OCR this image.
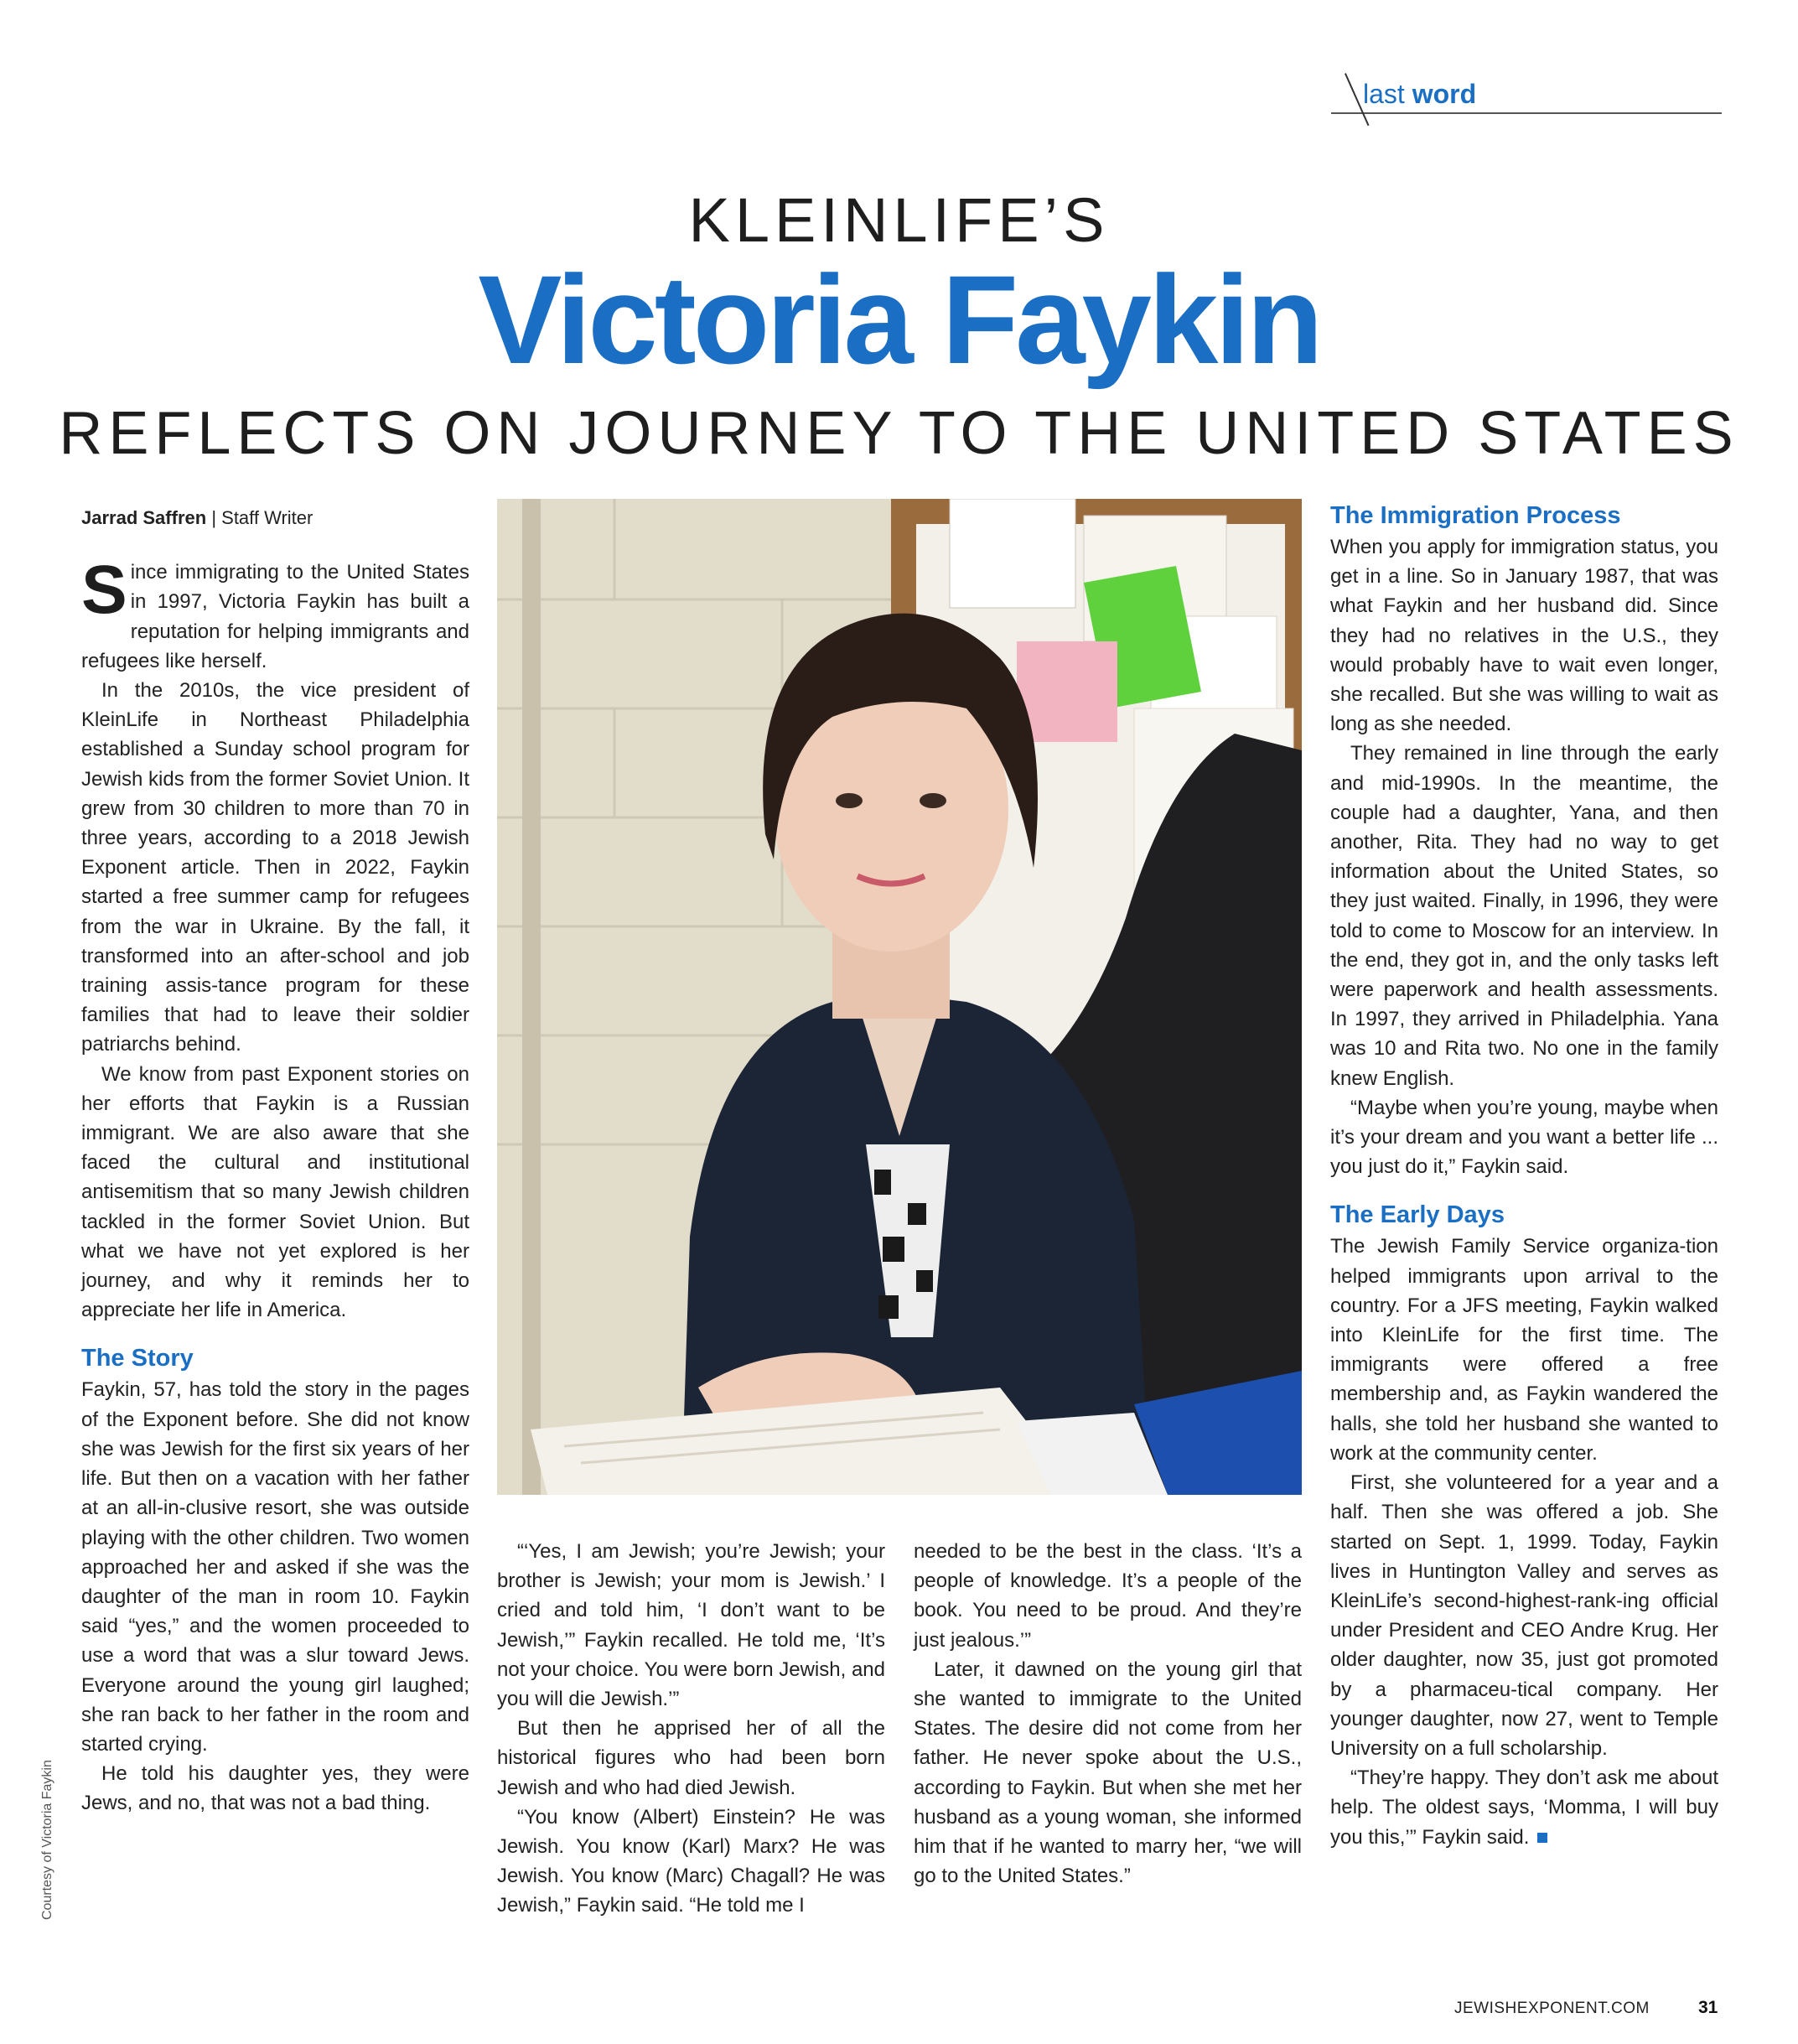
last word
KLEINLIFE’S
Victoria Faykin
REFLECTS ON JOURNEY TO THE UNITED STATES
Jarrad Saffren | Staff Writer

Since immigrating to the United States in 1997, Victoria Faykin has built a reputation for helping immigrants and refugees like herself.

In the 2010s, the vice president of KleinLife in Northeast Philadelphia established a Sunday school program for Jewish kids from the former Soviet Union. It grew from 30 children to more than 70 in three years, according to a 2018 Jewish Exponent article. Then in 2022, Faykin started a free summer camp for refugees from the war in Ukraine. By the fall, it transformed into an after-school and job training assis-tance program for these families that had to leave their soldier patriarchs behind.

We know from past Exponent stories on her efforts that Faykin is a Russian immigrant. We are also aware that she faced the cultural and institutional antisemitism that so many Jewish children tackled in the former Soviet Union. But what we have not yet explored is her journey, and why it reminds her to appreciate her life in America.

The Story

Faykin, 57, has told the story in the pages of the Exponent before. She did not know she was Jewish for the first six years of her life. But then on a vacation with her father at an all-in-clusive resort, she was outside playing with the other children. Two women approached her and asked if she was the daughter of the man in room 10. Faykin said “yes,” and the women proceeded to use a word that was a slur toward Jews. Everyone around the young girl laughed; she ran back to her father in the room and started crying.

He told his daughter yes, they were Jews, and no, that was not a bad thing.

Courtesy of Victoria Faykin

“‘Yes, I am Jewish; you’re Jewish; your brother is Jewish; your mom is Jewish.’ I cried and told him, ‘I don’t want to be Jewish,’” Faykin recalled. He told me, ‘It’s not your choice. You were born Jewish, and you will die Jewish.’”

But then he apprised her of all the historical figures who had been born Jewish and who had died Jewish.

“You know (Albert) Einstein? He was Jewish. You know (Karl) Marx? He was Jewish. You know (Marc) Chagall? He was Jewish,” Faykin said. “He told me I

needed to be the best in the class. ‘It’s a people of knowledge. It’s a people of the book. You need to be proud. And they’re just jealous.’”

Later, it dawned on the young girl that she wanted to immigrate to the United States. The desire did not come from her father. He never spoke about the U.S., according to Faykin. But when she met her husband as a young woman, she informed him that if he wanted to marry her, “we will go to the United States.”

The Immigration Process

When you apply for immigration status, you get in a line. So in January 1987, that was what Faykin and her husband did. Since they had no relatives in the U.S., they would probably have to wait even longer, she recalled. But she was willing to wait as long as she needed.

They remained in line through the early and mid-1990s. In the meantime, the couple had a daughter, Yana, and then another, Rita. They had no way to get information about the United States, so they just waited. Finally, in 1996, they were told to come to Moscow for an interview. In the end, they got in, and the only tasks left were paperwork and health assessments. In 1997, they arrived in Philadelphia. Yana was 10 and Rita two. No one in the family knew English.

“Maybe when you’re young, maybe when it’s your dream and you want a better life ... you just do it,” Faykin said.

The Early Days

The Jewish Family Service organiza-tion helped immigrants upon arrival to the country. For a JFS meeting, Faykin walked into KleinLife for the first time. The immigrants were offered a free membership and, as Faykin wandered the halls, she told her husband she wanted to work at the community center.

First, she volunteered for a year and a half. Then she was offered a job. She started on Sept. 1, 1999. Today, Faykin lives in Huntington Valley and serves as KleinLife’s second-highest-rank-ing official under President and CEO Andre Krug. Her older daughter, now 35, just got promoted by a pharmaceu-tical company. Her younger daughter, now 27, went to Temple University on a full scholarship.

“They’re happy. They don’t ask me about help. The oldest says, ‘Momma, I will buy you this,’” Faykin said.

JEWISHEXPONENT.COM	31
